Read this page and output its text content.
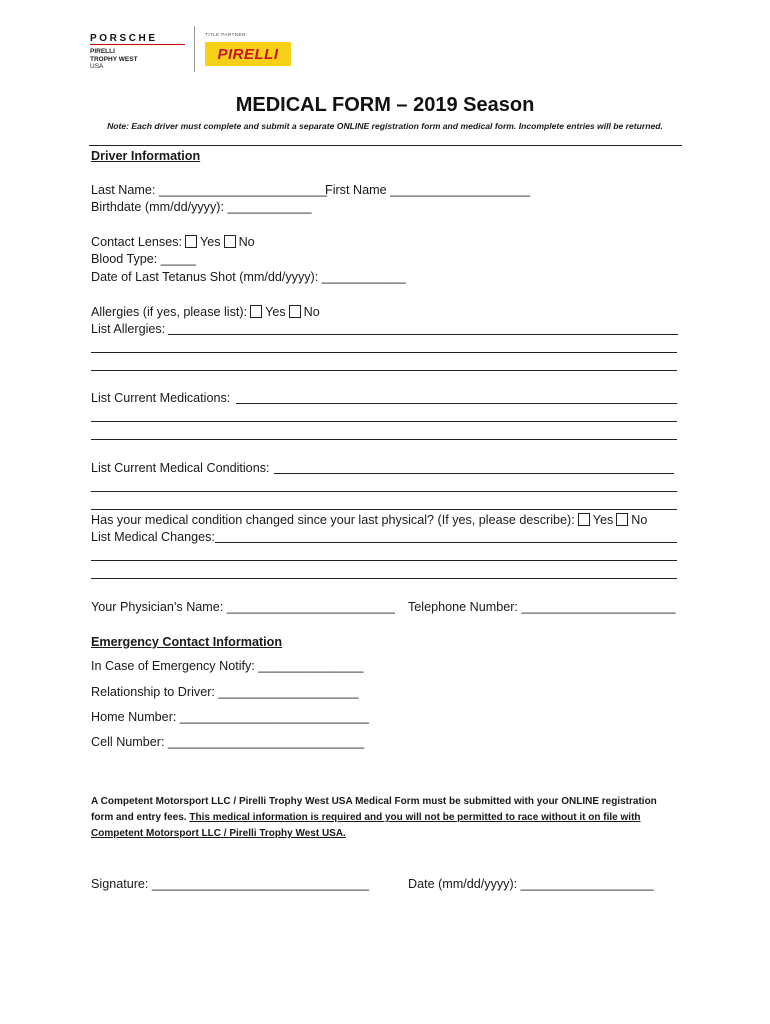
PORSCHE
PIRELLI
TROPHY WEST
USA
TITLE PARTNER
PIRELLI
MEDICAL FORM – 2019 Season
Note: Each driver must complete and submit a separate ONLINE registration form and medical form. Incomplete entries will be returned.
Driver Information
Last Name: ________________________
First Name ____________________
Birthdate (mm/dd/yyyy): ____________
Contact Lenses: Yes No
Blood Type: _____
Date of Last Tetanus Shot (mm/dd/yyyy): ____________
Allergies (if yes, please list): Yes No
List Allergies:
List Current Medications:
List Current Medical Conditions:
Has your medical condition changed since your last physical? (If yes, please describe): Yes No
List Medical Changes:
Your Physician’s Name: ________________________ Telephone Number: ______________________
Emergency Contact Information
In Case of Emergency Notify: _______________
Relationship to Driver: ____________________
Home Number: ___________________________
Cell Number: ____________________________
A Competent Motorsport LLC / Pirelli Trophy West USA Medical Form must be submitted with your ONLINE registration form and entry fees. This medical information is required and you will not be permitted to race without it on file with Competent Motorsport LLC / Pirelli Trophy West USA.
Signature: _______________________________	Date (mm/dd/yyyy): ___________________
